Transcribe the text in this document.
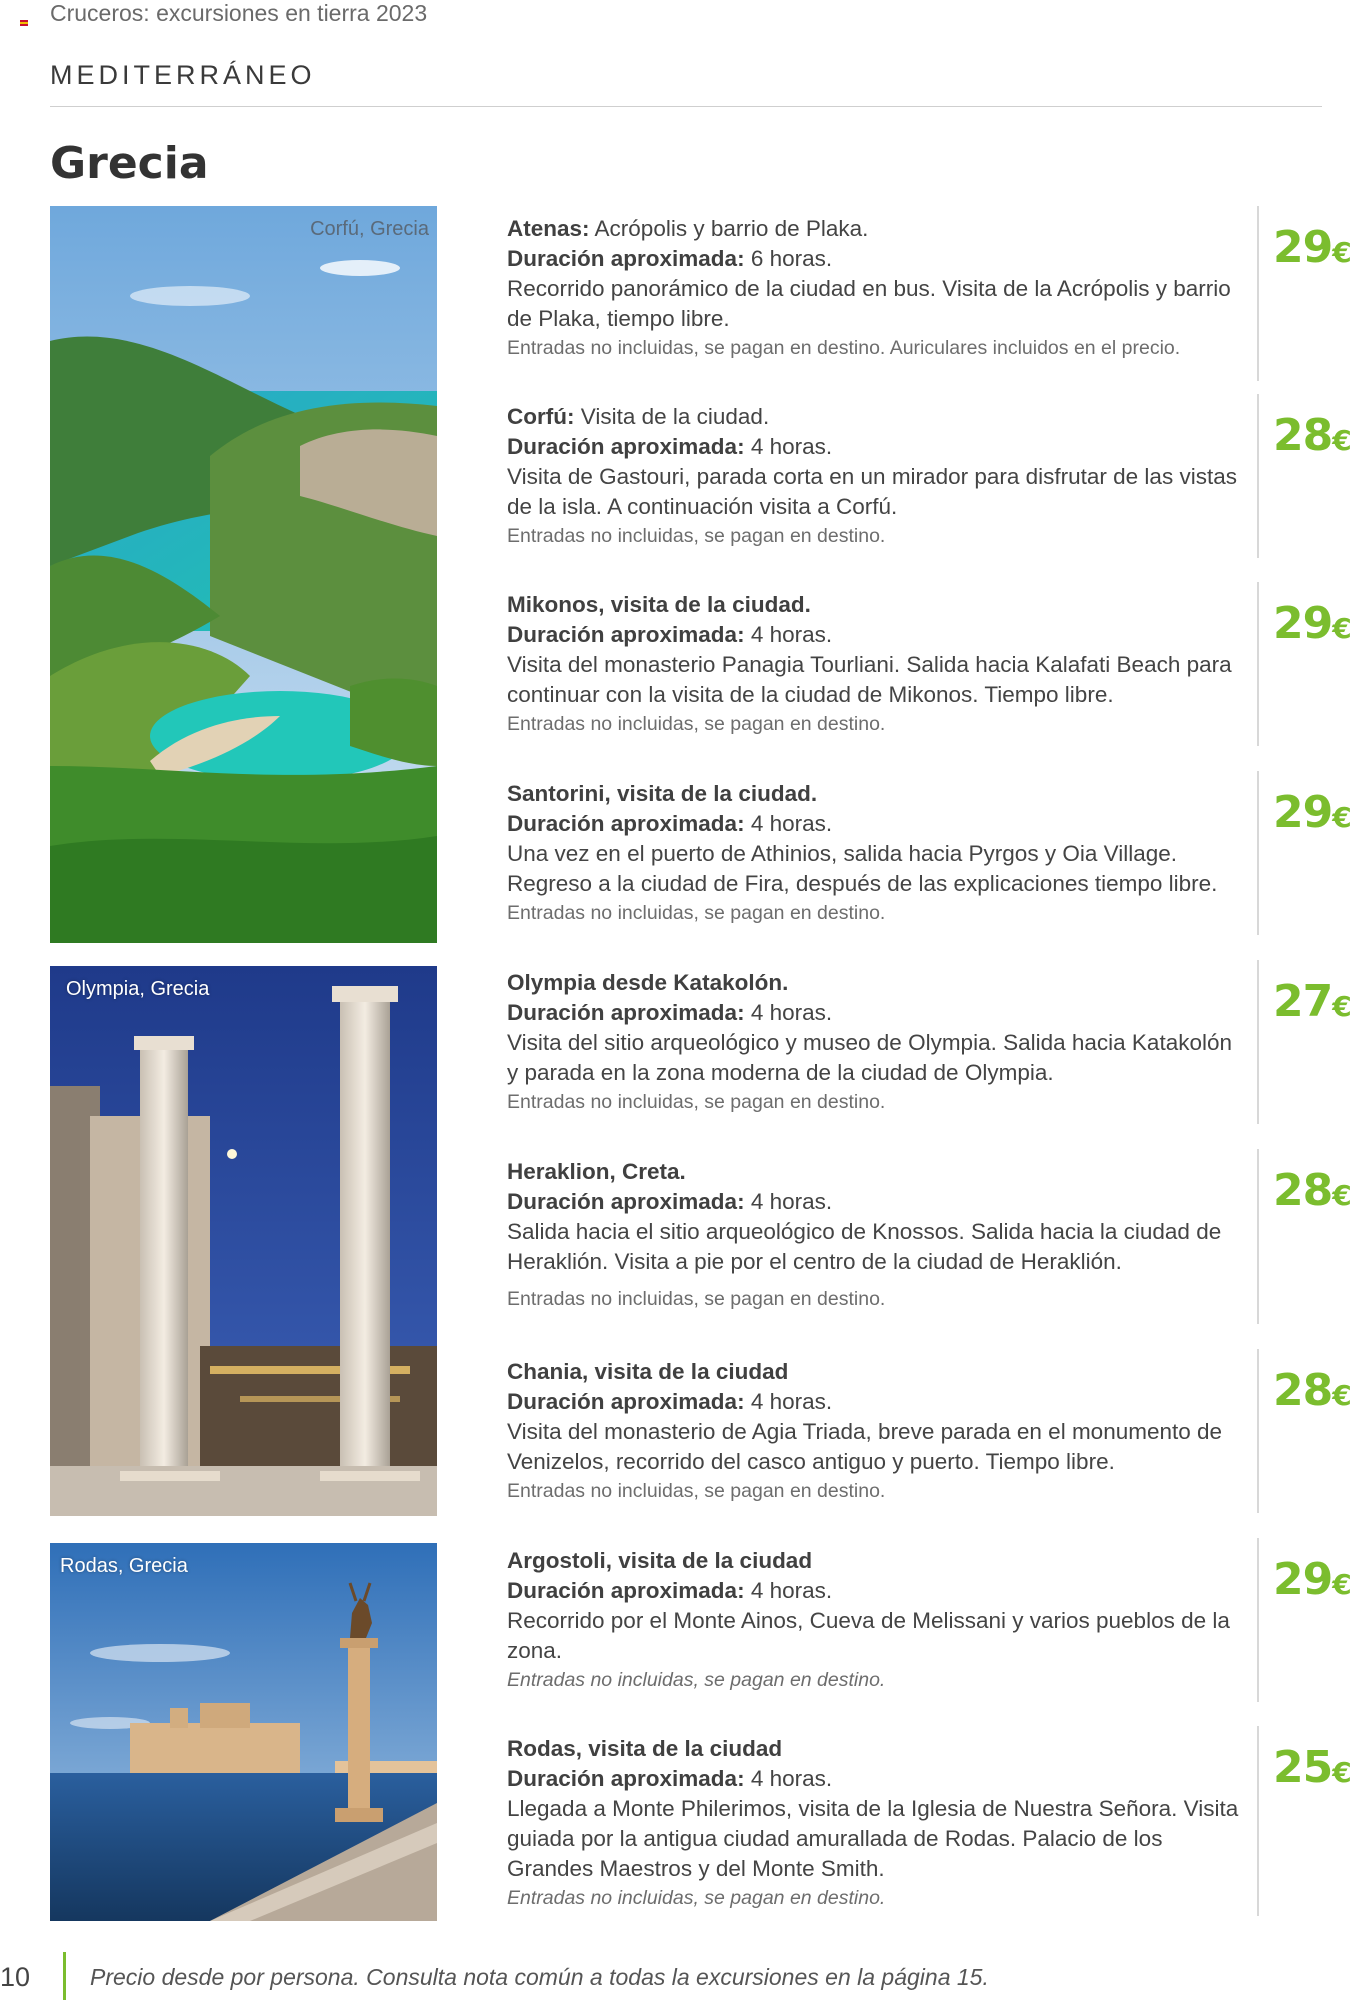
Cruceros: excursiones en tierra 2023
MEDITERRÁNEO
Grecia
Corfú, Grecia
Olympia, Grecia
Rodas, Grecia
Atenas: Acrópolis y barrio de Plaka.
Duración aproximada: 6 horas.
Recorrido panorámico de la ciudad en bus. Visita de la Acrópolis y barrio de Plaka, tiempo libre.
Entradas no incluidas, se pagan en destino. Auriculares incluidos en el precio.
29€
Corfú: Visita de la ciudad.
Duración aproximada: 4 horas.
Visita de Gastouri, parada corta en un mirador para disfrutar de las vistas de la isla. A continuación visita a Corfú.
Entradas no incluidas, se pagan en destino.
28€
Mikonos, visita de la ciudad.
Duración aproximada: 4 horas.
Visita del monasterio Panagia Tourliani. Salida hacia Kalafati Beach para continuar con la visita de la ciudad de Mikonos. Tiempo libre.
Entradas no incluidas, se pagan en destino.
29€
Santorini, visita de la ciudad.
Duración aproximada: 4 horas.
Una vez en el puerto de Athinios, salida hacia Pyrgos y Oia Village. Regreso a la ciudad de Fira, después de las explicaciones tiempo libre.
Entradas no incluidas, se pagan en destino.
29€
Olympia desde Katakolón.
Duración aproximada: 4 horas.
Visita del sitio arqueológico y museo de Olympia. Salida hacia Katakolón y parada en la zona moderna de la ciudad de Olympia.
Entradas no incluidas, se pagan en destino.
27€
Heraklion, Creta.
Duración aproximada: 4 horas.
Salida hacia el sitio arqueológico de Knossos. Salida hacia la ciudad de Heraklión. Visita a pie por el centro de la ciudad de Heraklión.
Entradas no incluidas, se pagan en destino.
28€
Chania, visita de la ciudad
Duración aproximada: 4 horas.
Visita del monasterio de Agia Triada, breve parada en el monumento de Venizelos, recorrido del casco antiguo y puerto. Tiempo libre.
Entradas no incluidas, se pagan en destino.
28€
Argostoli, visita de la ciudad
Duración aproximada: 4 horas.
Recorrido por el Monte Ainos, Cueva de Melissani y varios pueblos de la zona.
Entradas no incluidas, se pagan en destino.
29€
Rodas, visita de la ciudad
Duración aproximada: 4 horas.
Llegada a Monte Philerimos, visita de la Iglesia de Nuestra Señora. Visita guiada por la antigua ciudad amurallada de Rodas. Palacio de los Grandes Maestros y del Monte Smith.
Entradas no incluidas, se pagan en destino.
25€
10	Precio desde por persona. Consulta nota común a todas la excursiones en la página 15.
